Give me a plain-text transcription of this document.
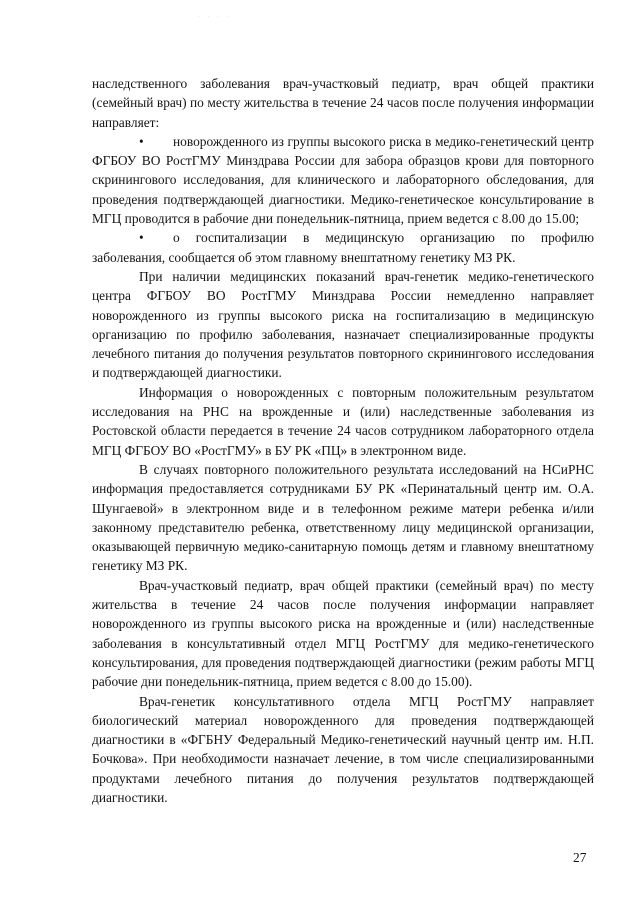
· · · ·

наследственного заболевания врач-участковый педиатр, врач общей практики (семейный врач) по месту жительства в течение 24 часов после получения информации направляет:

• новорожденного из группы высокого риска в медико-генетический центр ФГБОУ ВО РостГМУ Минздрава России для забора образцов крови для повторного скринингового исследования, для клинического и лабораторного обследования, для проведения подтверждающей диагностики. Медико-генетическое консультирование в МГЦ проводится в рабочие дни понедельник-пятница, прием ведется с 8.00 до 15.00;

• о госпитализации в медицинскую организацию по профилю заболевания, сообщается об этом главному внештатному генетику МЗ РК.

При наличии медицинских показаний врач-генетик медико-генетического центра ФГБОУ ВО РостГМУ Минздрава России немедленно направляет новорожденного из группы высокого риска на госпитализацию в медицинскую организацию по профилю заболевания, назначает специализированные продукты лечебного питания до получения результатов повторного скринингового исследования и подтверждающей диагностики.

Информация о новорожденных с повторным положительным результатом исследования на РНС на врожденные и (или) наследственные заболевания из Ростовской области передается в течение 24 часов сотрудником лабораторного отдела МГЦ ФГБОУ ВО «РостГМУ» в БУ РК «ПЦ» в электронном виде.

В случаях повторного положительного результата исследований на НСиРНС информация предоставляется сотрудниками БУ РК «Перинатальный центр им. О.А. Шунгаевой» в электронном виде и в телефонном режиме матери ребенка и/или законному представителю ребенка, ответственному лицу медицинской организации, оказывающей первичную медико-санитарную помощь детям и главному внештатному генетику МЗ РК.

Врач-участковый педиатр, врач общей практики (семейный врач) по месту жительства в течение 24 часов после получения информации направляет новорожденного из группы высокого риска на врожденные и (или) наследственные заболевания в консультативный отдел МГЦ РостГМУ для медико-генетического консультирования, для проведения подтверждающей диагностики (режим работы МГЦ рабочие дни понедельник-пятница, прием ведется с 8.00 до 15.00).

Врач-генетик консультативного отдела МГЦ РостГМУ направляет биологический материал новорожденного для проведения подтверждающей диагностики в «ФГБНУ Федеральный Медико-генетический научный центр им. Н.П. Бочкова». При необходимости назначает лечение, в том числе специализированными продуктами лечебного питания до получения результатов подтверждающей диагностики.

27
